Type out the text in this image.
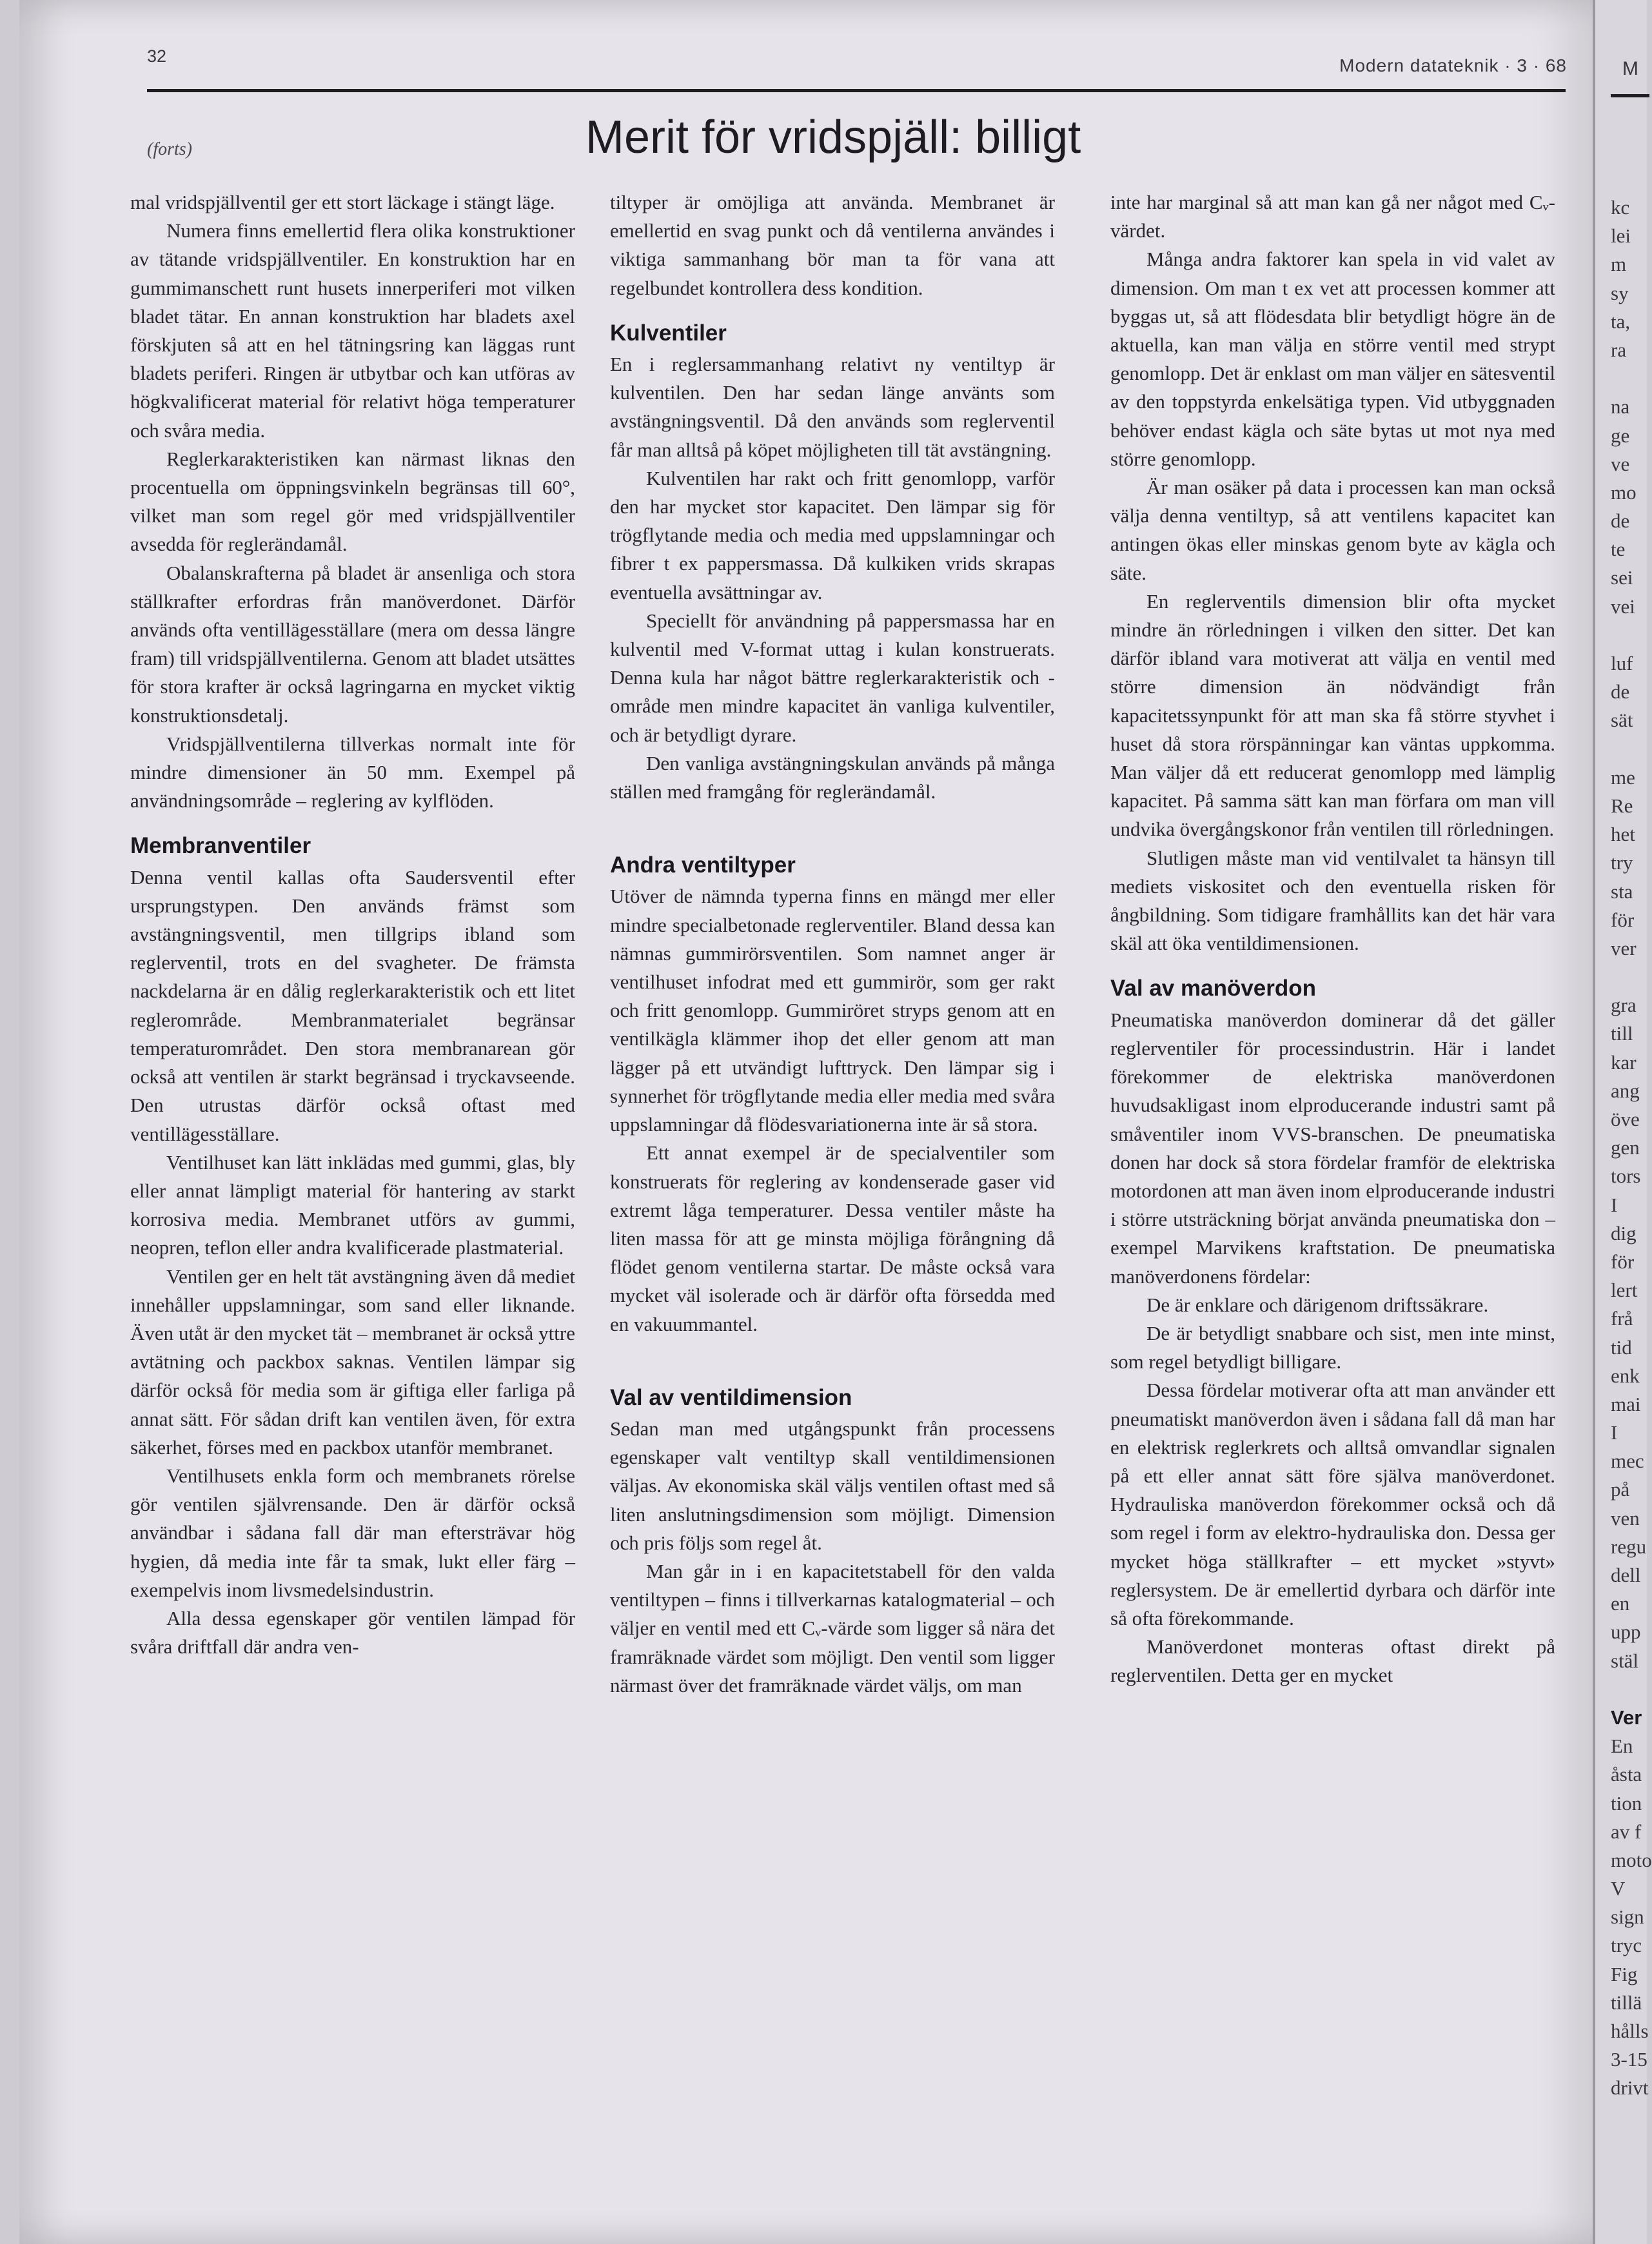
M
kc
lei
m
sy
ta,
ra
na
ge
ve
mo
de
te
sei
vei
luf
de
sät
me
Re
het
try
sta
för
ver
gra
till
kar
ang
öve
gen
tors
I
dig
för
lert
frå
tid
enk
mai
I
mec
på
ven
regu
dell
en
upp
stäl
Ver
En
åsta
tion
av f
moto
V
sign
tryc
Fig
tillä
hålls
3-15
drivt
32	Modern datateknik · 3 · 68
(forts)	Merit för vridspjäll: billigt

mal vridspjällventil ger ett stort läckage i stängt läge.

Numera finns emellertid flera olika konstruktioner av tätande vridspjällventiler. En konstruktion har en gummimanschett runt husets innerperiferi mot vilken bladet tätar. En annan konstruktion har bladets axel förskjuten så att en hel tätningsring kan läggas runt bladets periferi. Ringen är utbytbar och kan utföras av högkvalificerat material för relativt höga temperaturer och svåra media.

Reglerkarakteristiken kan närmast liknas den procentuella om öppningsvinkeln begränsas till 60°, vilket man som regel gör med vridspjällventiler avsedda för reglerändamål.

Obalanskrafterna på bladet är ansenliga och stora ställkrafter erfordras från manöverdonet. Därför används ofta ventillägesställare (mera om dessa längre fram) till vridspjällventilerna. Genom att bladet utsättes för stora krafter är också lagringarna en mycket viktig konstruktionsdetalj.

Vridspjällventilerna tillverkas normalt inte för mindre dimensioner än 50 mm. Exempel på användningsområde – reglering av kylflöden.

Membranventiler

Denna ventil kallas ofta Saudersventil efter ursprungstypen. Den används främst som avstängningsventil, men tillgrips ibland som reglerventil, trots en del svagheter. De främsta nackdelarna är en dålig reglerkarakteristik och ett litet reglerområde. Membranmaterialet begränsar temperaturområdet. Den stora membranarean gör också att ventilen är starkt begränsad i tryckavseende. Den utrustas därför också oftast med ventillägesställare.

Ventilhuset kan lätt inklädas med gummi, glas, bly eller annat lämpligt material för hantering av starkt korrosiva media. Membranet utförs av gummi, neopren, teflon eller andra kvalificerade plastmaterial.

Ventilen ger en helt tät avstängning även då mediet innehåller uppslamningar, som sand eller liknande. Även utåt är den mycket tät – membranet är också yttre avtätning och packbox saknas. Ventilen lämpar sig därför också för media som är giftiga eller farliga på annat sätt. För sådan drift kan ventilen även, för extra säkerhet, förses med en packbox utanför membranet.

Ventilhusets enkla form och membranets rörelse gör ventilen självrensande. Den är därför också användbar i sådana fall där man eftersträvar hög hygien, då media inte får ta smak, lukt eller färg – exempelvis inom livsmedelsindustrin.

Alla dessa egenskaper gör ventilen lämpad för svåra driftfall där andra ven-

tiltyper är omöjliga att använda. Membranet är emellertid en svag punkt och då ventilerna användes i viktiga sammanhang bör man ta för vana att regelbundet kontrollera dess kondition.

Kulventiler

En i reglersammanhang relativt ny ventiltyp är kulventilen. Den har sedan länge använts som avstängningsventil. Då den används som reglerventil får man alltså på köpet möjligheten till tät avstängning.

Kulventilen har rakt och fritt genomlopp, varför den har mycket stor kapacitet. Den lämpar sig för trögflytande media och media med uppslamningar och fibrer t ex pappersmassa. Då kulkiken vrids skrapas eventuella avsättningar av.

Speciellt för användning på pappersmassa har en kulventil med V-format uttag i kulan konstruerats. Denna kula har något bättre reglerkarakteristik och -område men mindre kapacitet än vanliga kulventiler, och är betydligt dyrare.

Den vanliga avstängningskulan används på många ställen med framgång för reglerändamål.

Andra ventiltyper

Utöver de nämnda typerna finns en mängd mer eller mindre specialbetonade reglerventiler. Bland dessa kan nämnas gummirörsventilen. Som namnet anger är ventilhuset infodrat med ett gummirör, som ger rakt och fritt genomlopp. Gummiröret stryps genom att en ventilkägla klämmer ihop det eller genom att man lägger på ett utvändigt lufttryck. Den lämpar sig i synnerhet för trögflytande media eller media med svåra uppslamningar då flödesvariationerna inte är så stora.

Ett annat exempel är de specialventiler som konstruerats för reglering av kondenserade gaser vid extremt låga temperaturer. Dessa ventiler måste ha liten massa för att ge minsta möjliga förångning då flödet genom ventilerna startar. De måste också vara mycket väl isolerade och är därför ofta försedda med en vakuummantel.

Val av ventildimension

Sedan man med utgångspunkt från processens egenskaper valt ventiltyp skall ventildimensionen väljas. Av ekonomiska skäl väljs ventilen oftast med så liten anslutningsdimension som möjligt. Dimension och pris följs som regel åt.

Man går in i en kapacitetstabell för den valda ventiltypen – finns i tillverkarnas katalogmaterial – och väljer en ventil med ett Cᵥ-värde som ligger så nära det framräknade värdet som möjligt. Den ventil som ligger närmast över det framräknade värdet väljs, om man

inte har marginal så att man kan gå ner något med Cᵥ-värdet.

Många andra faktorer kan spela in vid valet av dimension. Om man t ex vet att processen kommer att byggas ut, så att flödesdata blir betydligt högre än de aktuella, kan man välja en större ventil med strypt genomlopp. Det är enklast om man väljer en sätesventil av den toppstyrda enkelsätiga typen. Vid utbyggnaden behöver endast kägla och säte bytas ut mot nya med större genomlopp.

Är man osäker på data i processen kan man också välja denna ventiltyp, så att ventilens kapacitet kan antingen ökas eller minskas genom byte av kägla och säte.

En reglerventils dimension blir ofta mycket mindre än rörledningen i vilken den sitter. Det kan därför ibland vara motiverat att välja en ventil med större dimension än nödvändigt från kapacitetssynpunkt för att man ska få större styvhet i huset då stora rörspänningar kan väntas uppkomma. Man väljer då ett reducerat genomlopp med lämplig kapacitet. På samma sätt kan man förfara om man vill undvika övergångskonor från ventilen till rörledningen.

Slutligen måste man vid ventilvalet ta hänsyn till mediets viskositet och den eventuella risken för ångbildning. Som tidigare framhållits kan det här vara skäl att öka ventildimensionen.

Val av manöverdon

Pneumatiska manöverdon dominerar då det gäller reglerventiler för processindustrin. Här i landet förekommer de elektriska manöverdonen huvudsakligast inom elproducerande industri samt på småventiler inom VVS-branschen. De pneumatiska donen har dock så stora fördelar framför de elektriska motordonen att man även inom elproducerande industri i större utsträckning börjat använda pneumatiska don – exempel Marvikens kraftstation. De pneumatiska manöverdonens fördelar:

De är enklare och därigenom driftssäkrare.

De är betydligt snabbare och sist, men inte minst, som regel betydligt billigare.

Dessa fördelar motiverar ofta att man använder ett pneumatiskt manöverdon även i sådana fall då man har en elektrisk reglerkrets och alltså omvandlar signalen på ett eller annat sätt före själva manöverdonet. Hydrauliska manöverdon förekommer också och då som regel i form av elektro-hydrauliska don. Dessa ger mycket höga ställkrafter – ett mycket »styvt» reglersystem. De är emellertid dyrbara och därför inte så ofta förekommande.

Manöverdonet monteras oftast direkt på reglerventilen. Detta ger en mycket
